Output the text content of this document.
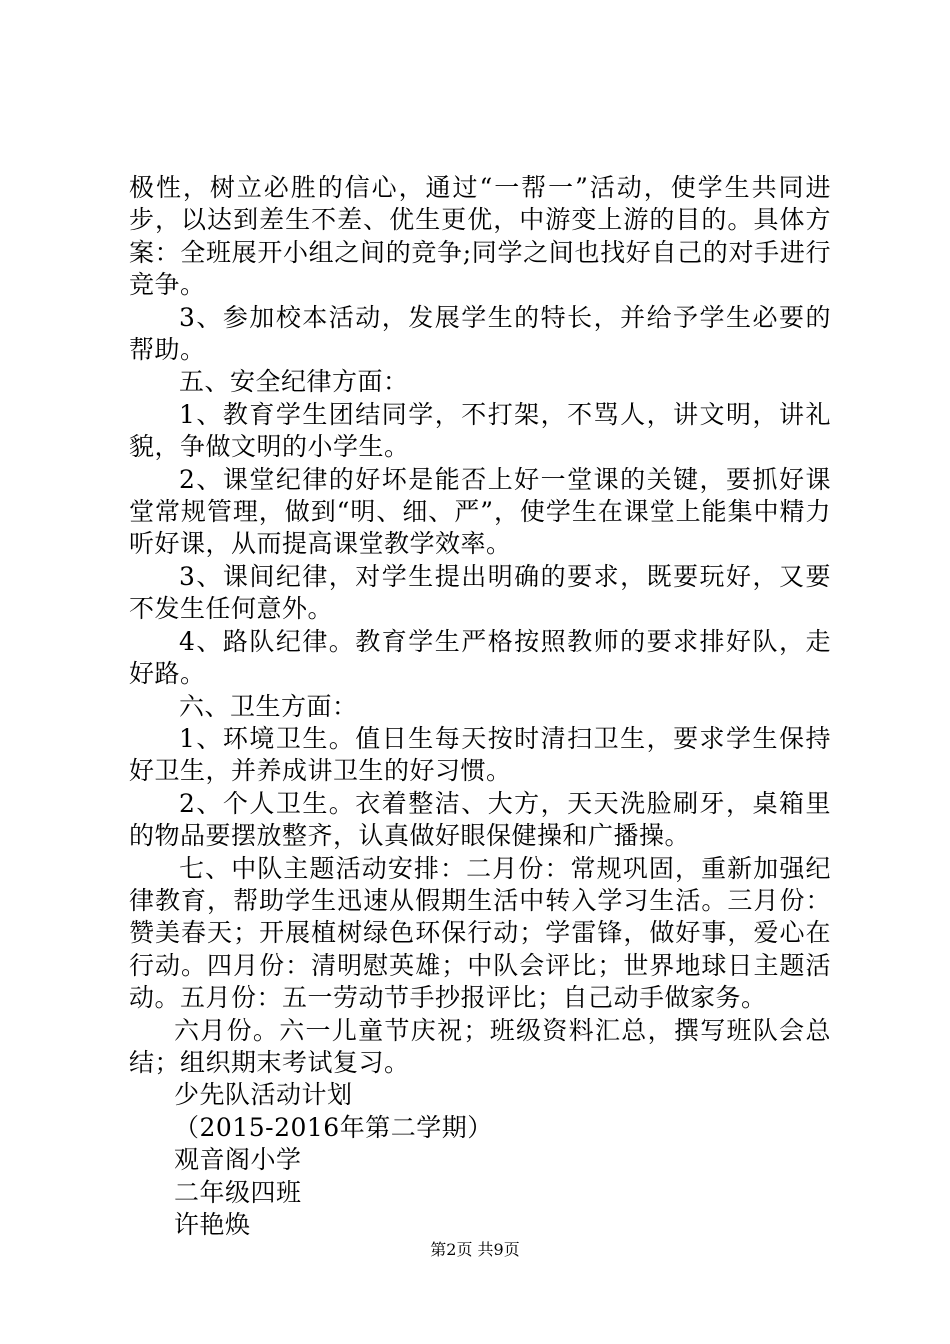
极性，树立必胜的信心，通过“一帮一”活动，使学生共同进步，以达到差生不差、优生更优，中游变上游的目的。具体方案：全班展开小组之间的竞争;同学之间也找好自己的对手进行竞争。

3、参加校本活动，发展学生的特长，并给予学生必要的帮助。

五、安全纪律方面：

1、教育学生团结同学，不打架，不骂人，讲文明，讲礼貌，争做文明的小学生。

2、课堂纪律的好坏是能否上好一堂课的关键，要抓好课堂常规管理，做到“明、细、严”，使学生在课堂上能集中精力听好课，从而提高课堂教学效率。

3、课间纪律，对学生提出明确的要求，既要玩好，又要不发生任何意外。

4、路队纪律。教育学生严格按照教师的要求排好队，走好路。

六、卫生方面：

1、环境卫生。值日生每天按时清扫卫生，要求学生保持好卫生，并养成讲卫生的好习惯。

2、个人卫生。衣着整洁、大方，天天洗脸刷牙，桌箱里的物品要摆放整齐，认真做好眼保健操和广播操。

七、中队主题活动安排：二月份：常规巩固，重新加强纪律教育，帮助学生迅速从假期生活中转入学习生活。三月份：赞美春天；开展植树绿色环保行动；学雷锋，做好事，爱心在行动。四月份：清明慰英雄；中队会评比；世界地球日主题活动。五月份：五一劳动节手抄报评比；自己动手做家务。

六月份。六一儿童节庆祝；班级资料汇总，撰写班队会总结；组织期末考试复习。

少先队活动计划

（2015-2016年第二学期）

观音阁小学

二年级四班

许艳焕

第2页 共9页
